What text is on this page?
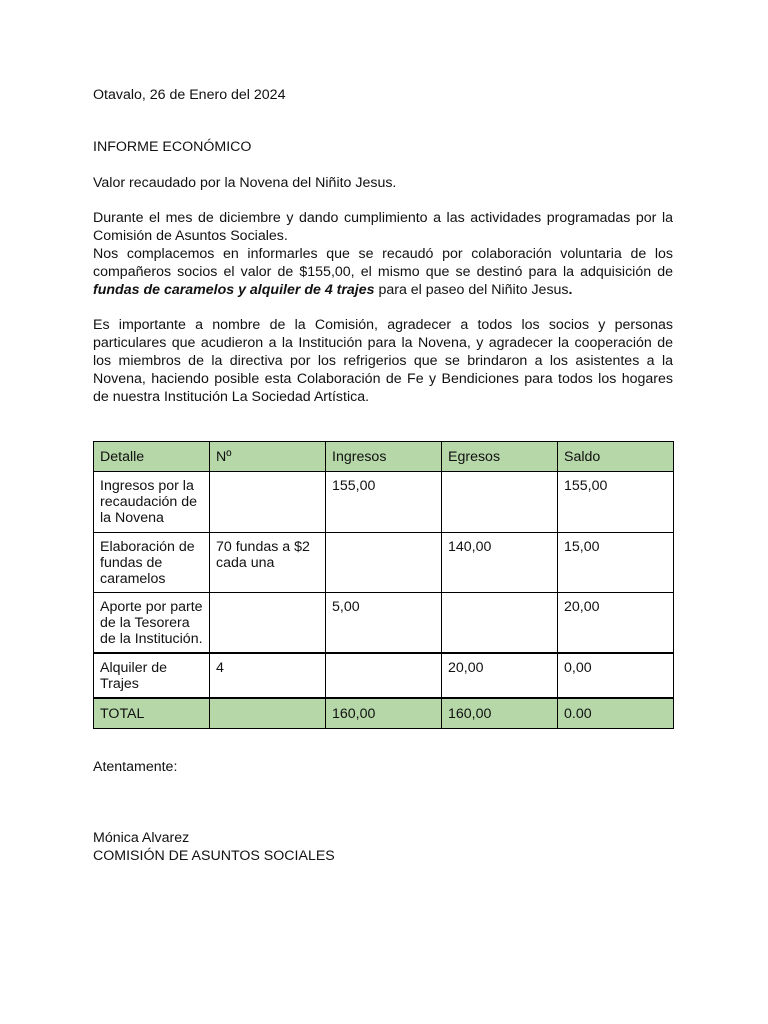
Otavalo, 26 de Enero del 2024
INFORME ECONÓMICO
Valor recaudado por la Novena del Niñito Jesus.
Durante el mes de diciembre y dando cumplimiento a las actividades programadas por la Comisión de Asuntos Sociales.
Nos complacemos en informarles que se recaudó por colaboración voluntaria de los compañeros socios el valor de $155,00, el mismo que se destinó para la adquisición de fundas de caramelos y alquiler de 4 trajes para el paseo del Niñito Jesus.
Es importante a nombre de la Comisión, agradecer a todos los socios y personas particulares que acudieron a la Institución para la Novena, y agradecer la cooperación de los miembros de la directiva por los refrigerios que se brindaron a los asistentes a la Novena, haciendo posible esta Colaboración de Fe y Bendiciones para todos los hogares de nuestra Institución La Sociedad Artística.
Detalle	Nº	Ingresos	Egresos	Saldo
Ingresos por la recaudación de la Novena		155,00		155,00
Elaboración de fundas de caramelos	70 fundas a $2 cada una		140,00	15,00
Aporte por parte de la Tesorera de la Institución.		5,00		20,00
Alquiler de Trajes	4		20,00	0,00
TOTAL		160,00	160,00	0.00
Atentamente:
Mónica Alvarez
COMISIÓN DE ASUNTOS SOCIALES
